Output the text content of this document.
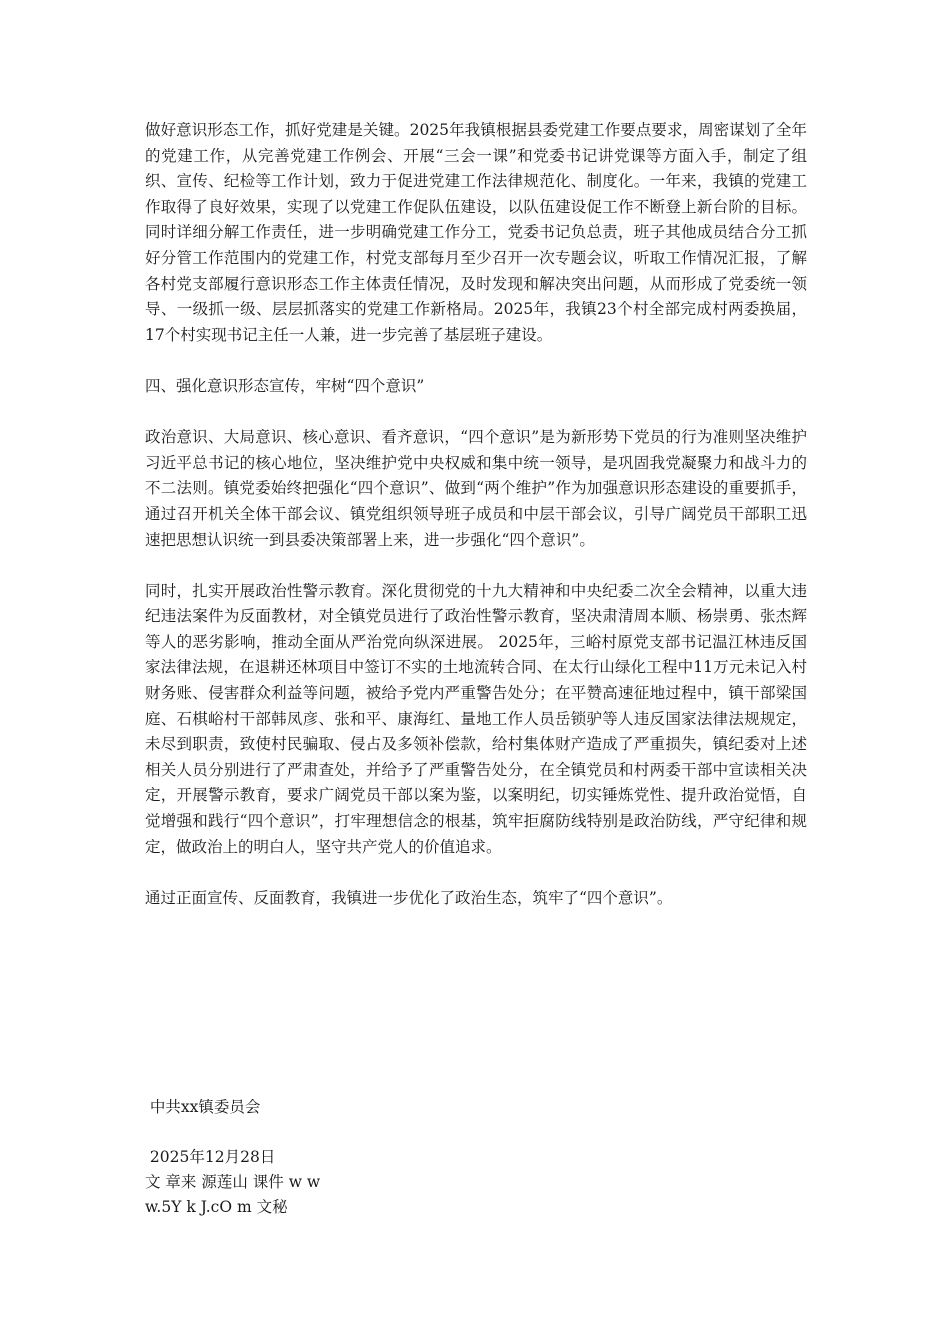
做好意识形态工作，抓好党建是关键。2025年我镇根据县委党建工作要点要求，周密谋划了全年的党建工作，从完善党建工作例会、开展“三会一课”和党委书记讲党课等方面入手，制定了组织、宣传、纪检等工作计划，致力于促进党建工作法律规范化、制度化。一年来，我镇的党建工作取得了良好效果，实现了以党建工作促队伍建设，以队伍建设促工作不断登上新台阶的目标。同时详细分解工作责任，进一步明确党建工作分工，党委书记负总责，班子其他成员结合分工抓好分管工作范围内的党建工作，村党支部每月至少召开一次专题会议，听取工作情况汇报，了解各村党支部履行意识形态工作主体责任情况，及时发现和解决突出问题，从而形成了党委统一领导、一级抓一级、层层抓落实的党建工作新格局。2025年，我镇23个村全部完成村两委换届，17个村实现书记主任一人兼，进一步完善了基层班子建设。

四、强化意识形态宣传，牢树“四个意识”

政治意识、大局意识、核心意识、看齐意识，“四个意识”是为新形势下党员的行为准则坚决维护习近平总书记的核心地位，坚决维护党中央权威和集中统一领导，是巩固我党凝聚力和战斗力的不二法则。镇党委始终把强化“四个意识”、做到“两个维护”作为加强意识形态建设的重要抓手，通过召开机关全体干部会议、镇党组织领导班子成员和中层干部会议，引导广阔党员干部职工迅速把思想认识统一到县委决策部署上来，进一步强化“四个意识”。

同时，扎实开展政治性警示教育。深化贯彻党的十九大精神和中央纪委二次全会精神，以重大违纪违法案件为反面教材，对全镇党员进行了政治性警示教育，坚决肃清周本顺、杨崇勇、张杰辉等人的恶劣影响，推动全面从严治党向纵深进展。 2025年，三峪村原党支部书记温江林违反国家法律法规，在退耕还林项目中签订不实的土地流转合同、在太行山绿化工程中11万元未记入村财务账、侵害群众利益等问题，被给予党内严重警告处分；在平赞高速征地过程中，镇干部梁国庭、石棋峪村干部韩凤彦、张和平、康海红、量地工作人员岳锁驴等人违反国家法律法规规定，未尽到职责，致使村民骗取、侵占及多领补偿款，给村集体财产造成了严重损失，镇纪委对上述相关人员分别进行了严肃查处，并给予了严重警告处分，在全镇党员和村两委干部中宣读相关决定，开展警示教育，要求广阔党员干部以案为鉴，以案明纪，切实锤炼党性、提升政治觉悟，自觉增强和践行“四个意识”，打牢理想信念的根基，筑牢拒腐防线特别是政治防线，严守纪律和规定，做政治上的明白人，坚守共产党人的价值追求。

通过正面宣传、反面教育，我镇进一步优化了政治生态，筑牢了“四个意识”。

中共xx镇委员会

2025年12月28日

文 章来 源莲山 课件 w w

w.5Y k J.cO m 文秘
